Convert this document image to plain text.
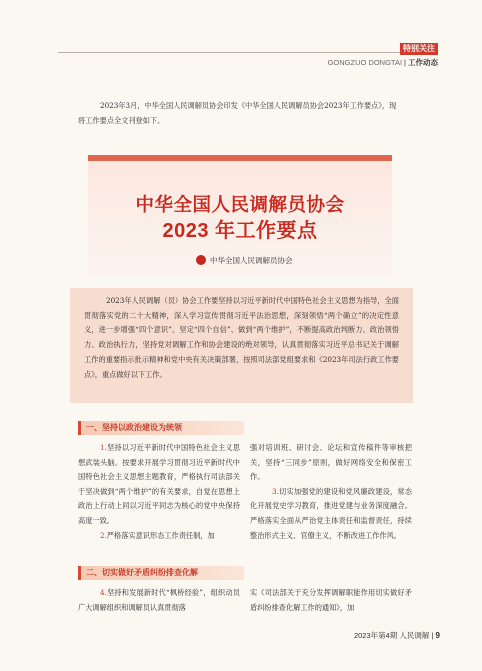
特别关注
GONGZUO DONGTAI | 工作动态
2023年3月，中华全国人民调解员协会印发《中华全国人民调解员协会2023年工作要点》，现将工作要点全文刊登如下。
中华全国人民调解员协会
2023 年工作要点
中华全国人民调解员协会
2023年人民调解（员）协会工作要坚持以习近平新时代中国特色社会主义思想为指导，全面贯彻落实党的二十大精神，深入学习宣传贯彻习近平法治思想，深刻领悟“两个确立”的决定性意义，进一步增强“四个意识”、坚定“四个自信”、做到“两个维护”，不断提高政治判断力、政治领悟力、政治执行力，坚持党对调解工作和协会建设的绝对领导，认真贯彻落实习近平总书记关于调解工作的重要指示批示精神和党中央有关决策部署，按照司法部党组要求和《2023年司法行政工作要点》，重点做好以下工作。
一、坚持以政治建设为统领

1.坚持以习近平新时代中国特色社会主义思想武装头脑。按要求开展学习贯彻习近平新时代中国特色社会主义思想主题教育，严格执行司法部关于坚决做到“两个维护”的有关要求，自觉在思想上政治上行动上同以习近平同志为核心的党中央保持高度一致。

2.严格落实意识形态工作责任制，加

强对培训班、研讨会、论坛和宣传稿件等审核把关，坚持“三同步”原则，做好网络安全和保密工作。

3.切实加强党的建设和党风廉政建设，常态化开展党史学习教育，推进党建与业务深度融合。严格落实全面从严治党主体责任和监督责任，持续整治形式主义、官僚主义，不断改进工作作风。

二、切实做好矛盾纠纷排查化解

4.坚持和发展新时代“枫桥经验”，组织动员广大调解组织和调解员认真贯彻落

实《司法部关于充分发挥调解职能作用切实做好矛盾纠纷排查化解工作的通知》，加

2023年第4期 人民调解 | 9
